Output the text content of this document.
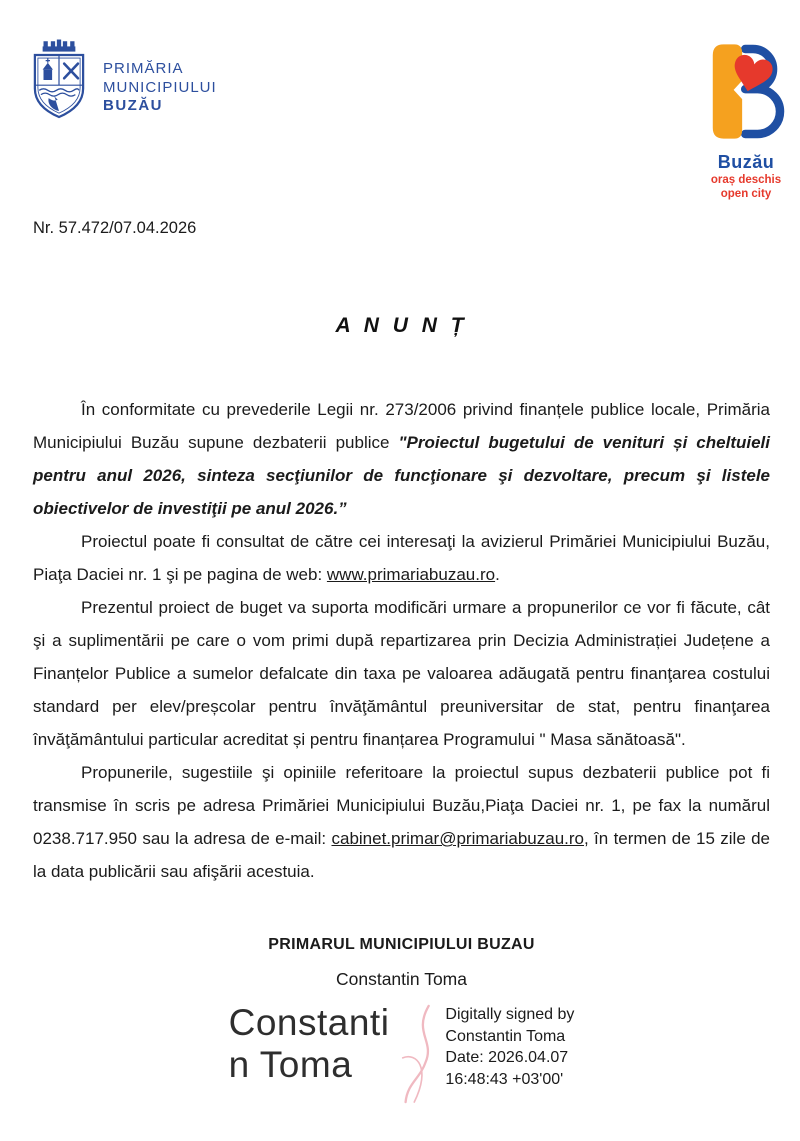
PRIMĂRIA
MUNICIPIULUI
BUZĂU
Buzău
oraș deschis
open city
Nr. 57.472/07.04.2026
A N U N Ț

În conformitate cu prevederile Legii nr. 273/2006 privind finanțele publice locale, Primăria Municipiului Buzău supune dezbaterii publice "Proiectul bugetului de venituri și cheltuieli pentru anul 2026, sinteza secţiunilor de funcţionare şi dezvoltare, precum şi listele obiectivelor de investiţii pe anul 2026.”

Proiectul poate fi consultat de către cei interesaţi la avizierul Primăriei Municipiului Buzău, Piaţa Daciei nr. 1 şi pe pagina de web: www.primariabuzau.ro.

Prezentul proiect de buget va suporta modificări urmare a propunerilor ce vor fi făcute, cât şi a suplimentării pe care o vom primi după repartizarea prin Decizia Administrației Județene a Finanțelor Publice a sumelor defalcate din taxa pe valoarea adăugată pentru finanţarea costului standard per elev/preșcolar pentru învăţământul preuniversitar de stat, pentru finanţarea învăţământului particular acreditat și pentru finanțarea Programului " Masa sănătoasă".

Propunerile, sugestiile şi opiniile referitoare la proiectul supus dezbaterii publice pot fi transmise în scris pe adresa Primăriei Municipiului Buzău,Piaţa Daciei nr. 1, pe fax la numărul 0238.717.950 sau la adresa de e-mail: cabinet.primar@primariabuzau.ro, în termen de 15 zile de la data publicării sau afişării acestuia.

PRIMARUL MUNICIPIULUI BUZAU
Constantin Toma
Constanti
n Toma
Digitally signed by
Constantin Toma
Date: 2026.04.07
16:48:43 +03'00'
